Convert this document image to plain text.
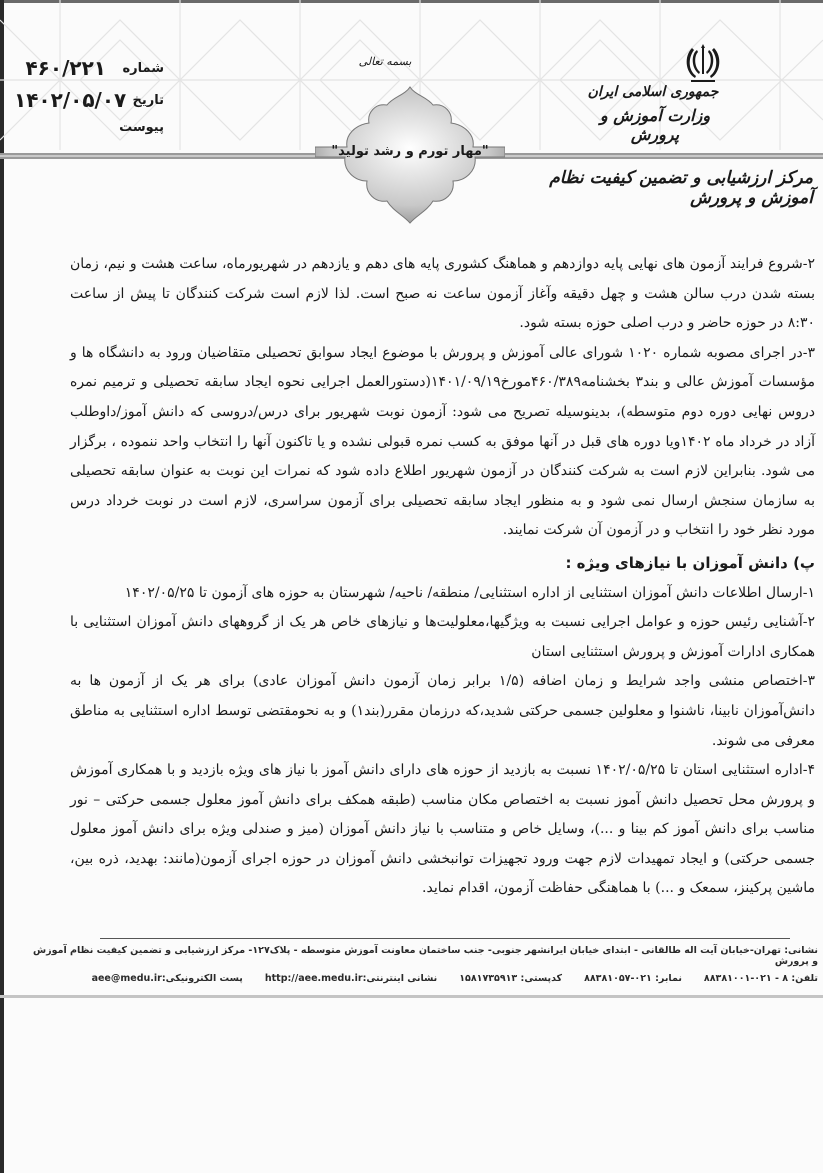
شماره
۴۶۰/۲۲۱
تاریخ
۱۴۰۲/۰۵/۰۷
پیوست
بسمه تعالی
"مهار تورم و رشد تولید"
جمهوری اسلامی ایران
وزارت آموزش و پرورش
مرکز ارزشیابی و تضمین کیفیت نظام آموزش و پرورش

۲-شروع فرایند آزمون های نهایی پایه دوازدهم و هماهنگ کشوری پایه های دهم و یازدهم در شهریورماه، ساعت هشت و نیم، زمان بسته شدن درب سالن هشت و چهل دقیقه وآغاز آزمون ساعت نه صبح است. لذا لازم است شرکت کنندگان تا پیش از ساعت ۸:۳۰ در حوزه حاضر و درب اصلی حوزه بسته شود.

۳-در اجرای مصوبه شماره ۱۰۲۰ شورای عالی آموزش و پرورش با موضوع ایجاد سوابق تحصیلی متقاضیان ورود به دانشگاه ها و مؤسسات آموزش عالی و بند۳ بخشنامه۴۶۰/۳۸۹مورخ۱۴۰۱/۰۹/۱۹(دستورالعمل اجرایی نحوه ایجاد سابقه تحصیلی و ترمیم نمره دروس نهایی دوره دوم متوسطه)، بدینوسیله تصریح می شود: آزمون نوبت شهریور برای درس/دروسی که دانش آموز/داوطلب آزاد در خرداد ماه ۱۴۰۲ویا دوره های قبل در آنها موفق به کسب نمره قبولی نشده و یا تاکنون آنها را انتخاب واحد ننموده ، برگزار می شود. بنابراین لازم است به شرکت کنندگان در آزمون شهریور اطلاع داده شود که نمرات این نوبت به عنوان سابقه تحصیلی به سازمان سنجش ارسال نمی شود و به منظور ایجاد سابقه تحصیلی برای آزمون سراسری، لازم است در نوبت خرداد درس مورد نظر خود را انتخاب و در آزمون آن شرکت نمایند.

پ) دانش آموزان با نیازهای ویژه :

۱-ارسال اطلاعات دانش آموزان استثنایی از اداره استثنایی/ منطقه/ ناحیه/ شهرستان به حوزه های آزمون تا ۱۴۰۲/۰۵/۲۵

۲-آشنایی رئیس حوزه و عوامل اجرایی نسبت به ویژگیها،معلولیت‌ها و نیازهای خاص هر یک از گروههای دانش آموزان استثنایی با همکاری ادارات آموزش و پرورش استثنایی استان

۳-اختصاص منشی واجد شرایط و زمان اضافه (۱/۵ برابر زمان آزمون دانش آموزان عادی) برای هر یک از آزمون ها به دانش‌آموزان نابینا، ناشنوا و معلولین جسمی حرکتی شدید،که درزمان مقرر(بند۱) و به نحومقتضی توسط اداره استثنایی به مناطق معرفی می شوند.

۴-اداره استثنایی استان تا ۱۴۰۲/۰۵/۲۵ نسبت به بازدید از حوزه های دارای دانش آموز با نیاز های ویژه بازدید و با همکاری آموزش و پرورش محل تحصیل دانش آموز نسبت به اختصاص مکان مناسب (طبقه همکف برای دانش آموز معلول جسمی حرکتی – نور مناسب برای دانش آموز کم بینا و ...)، وسایل خاص و متناسب با نیاز دانش آموزان (میز و صندلی ویژه برای دانش آموز معلول جسمی حرکتی) و ایجاد تمهیدات لازم جهت ورود تجهیزات توانبخشی دانش آموزان در حوزه اجرای آزمون(مانند: بهدید، ذره بین، ماشین پرکینز، سمعک و ...) با هماهنگی حفاظت آزمون، اقدام نماید.

نشانی: تهران-خیابان آیت اله طالقانی - ابتدای خیابان ایرانشهر جنوبی- جنب ساختمان معاونت آموزش متوسطه - پلاک۱۲۷- مرکز ارزشیابی و تضمین کیفیت نظام آموزش و پرورش
تلفن: ۸ - ۰۲۱-۸۸۳۸۱۰۰۱
نمابر: ۰۲۱-۸۸۳۸۱۰۵۷
کدپستی: ۱۵۸۱۷۳۵۹۱۳
نشانی اینترنتی:
http://aee.medu.ir
پست الکترونیکی:
aee@medu.ir
